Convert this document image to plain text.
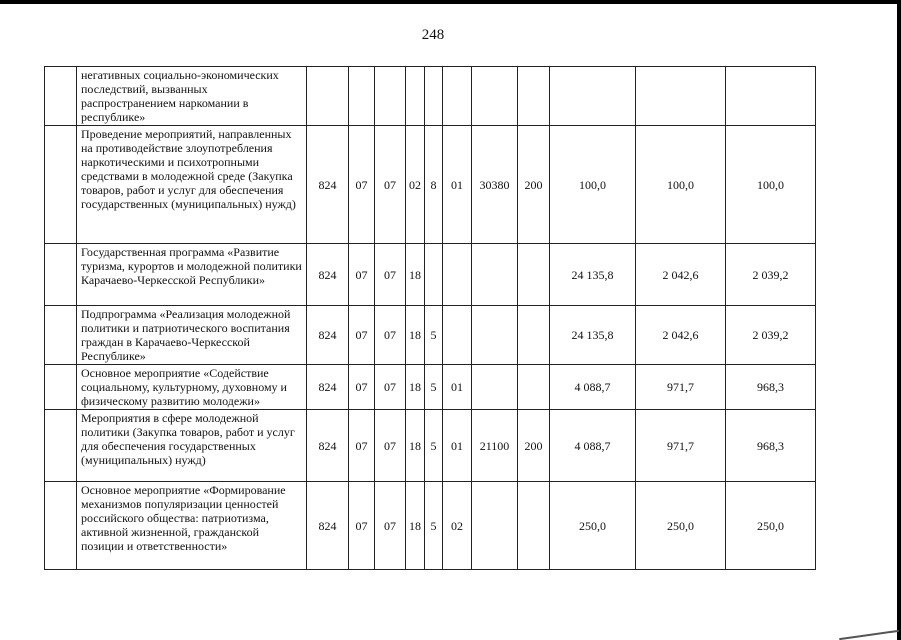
248
	негативных социально-экономических последствий, вызванных распространением наркомании в республике»											
	Проведение мероприятий, направленных на противодействие злоупотребления наркотическими и психотропными средствами в молодежной среде (Закупка товаров, работ и услуг для обеспечения государственных (муниципальных) нужд)	824	07	07	02	8	01	30380	200	100,0	100,0	100,0
	Государственная программа «Развитие туризма, курортов и молодежной политики Карачаево-Черкесской Республики»	824	07	07	18					24 135,8	2 042,6	2 039,2
	Подпрограмма «Реализация молодежной политики и патриотического воспитания граждан в Карачаево-Черкесской Республике»	824	07	07	18	5				24 135,8	2 042,6	2 039,2
	Основное мероприятие «Содействие социальному, культурному, духовному и физическому развитию молодежи»	824	07	07	18	5	01			4 088,7	971,7	968,3
	Мероприятия в сфере молодежной политики (Закупка товаров, работ и услуг для обеспечения государственных (муниципальных) нужд)	824	07	07	18	5	01	21100	200	4 088,7	971,7	968,3
	Основное мероприятие «Формирование механизмов популяризации ценностей российского общества: патриотизма, активной жизненной, гражданской позиции и ответственности»	824	07	07	18	5	02			250,0	250,0	250,0
